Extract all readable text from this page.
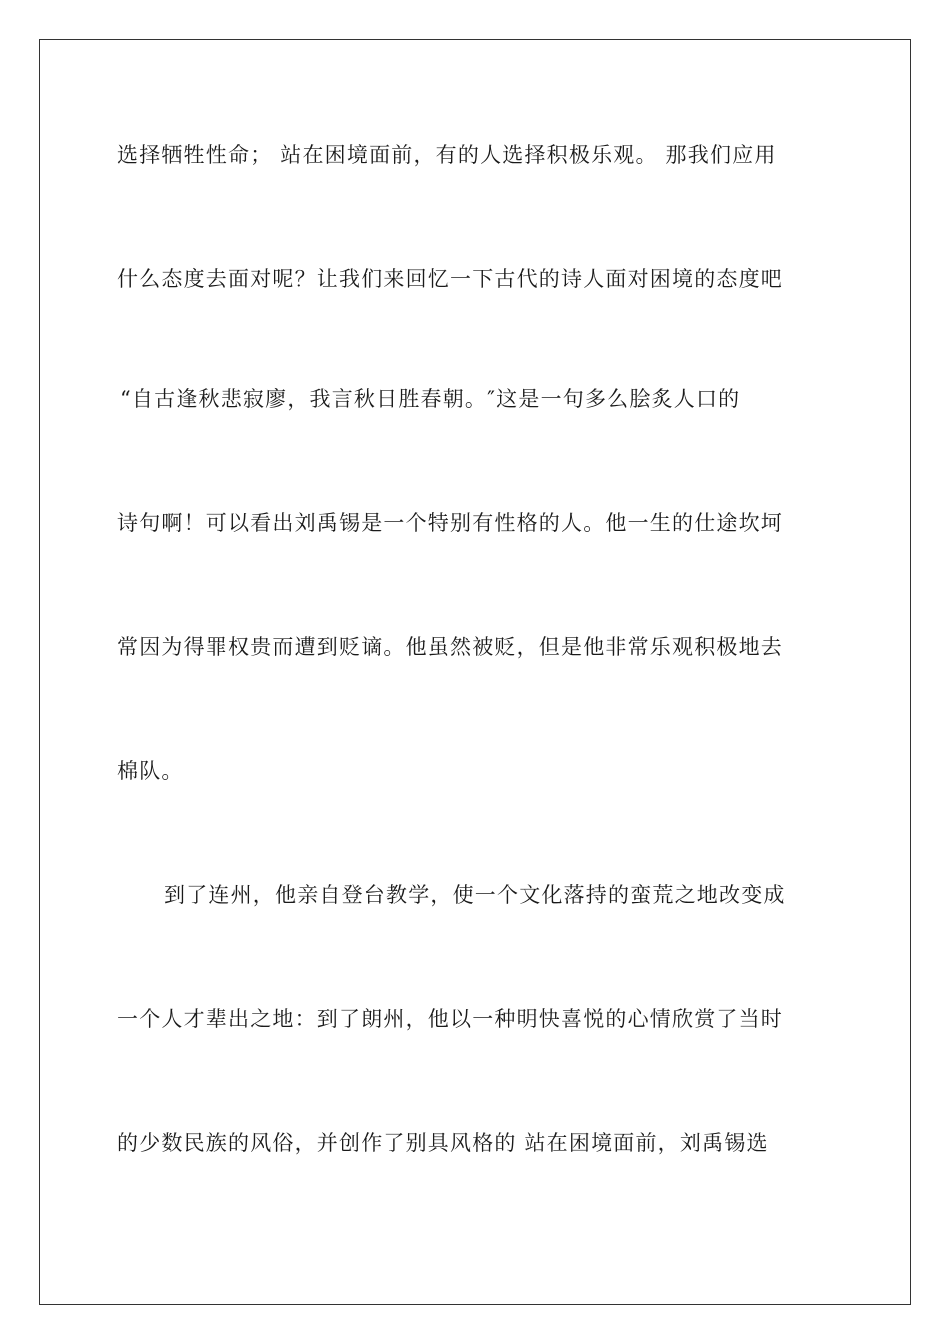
选择牺牲性命； 站在困境面前，有的人选择积极乐观。 那我们应用
什么态度去面对呢？让我们来回忆一下古代的诗人面对困境的态度吧
“自古逢秋悲寂廖，我言秋日胜春朝。″这是一句多么脍炙人口的
诗句啊！可以看出刘禹锡是一个特别有性格的人。他一生的仕途坎坷
常因为得罪权贵而遭到贬谪。他虽然被贬，但是他非常乐观积极地去
棉队。
到了连州，他亲自登台教学，使一个文化落持的蛮荒之地改变成
一个人才辈出之地：到了朗州，他以一种明快喜悦的心情欣赏了当时
的少数民族的风俗，并创作了别具风格的 站在困境面前，刘禹锡选
